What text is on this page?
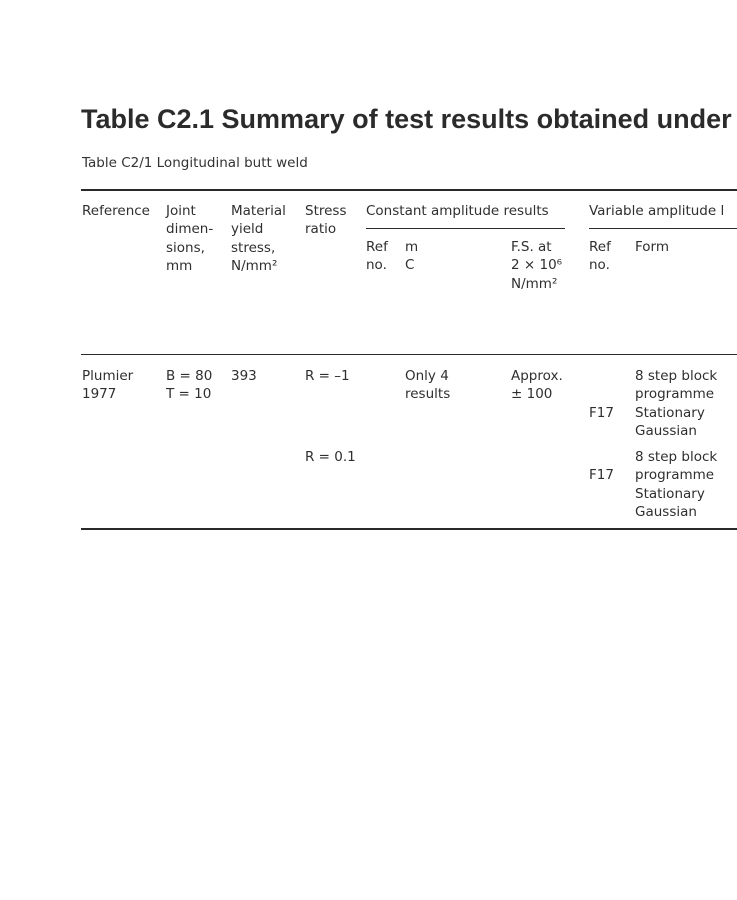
Table C2.1 Summary of test results obtained under
Table C2/1 Longitudinal butt weld
Reference Joint
dimen-
sions,
mm
Material
yield
stress,
N/mm²
Stress
ratio
Constant amplitude results
Ref
no.
m
C
F.S. at
2 × 10⁶
N/mm²
Variable amplitude l
Ref
no.
Form
Plumier
1977
B = 80
T = 10
393	R = –1	Only 4
results
Approx.
± 100

F17
8 step block
programme
Stationary
Gaussian
R = 0.1

F17
8 step block
programme
Stationary
Gaussian
